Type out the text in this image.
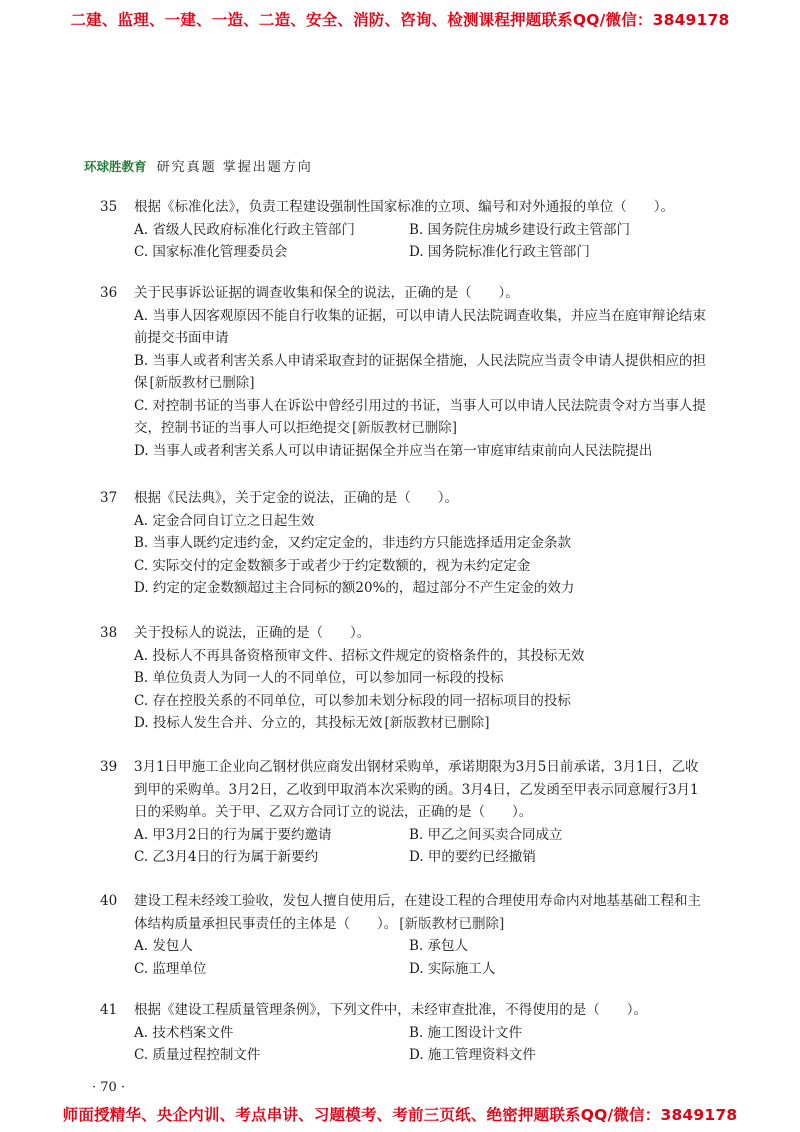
二建、监理、一建、一造、二造、安全、消防、咨询、检测课程押题联系QQ/微信：3849178
环球胜教育 研究真题 掌握出题方向
35	根据《标准化法》，负责工程建设强制性国家标准的立项、编号和对外通报的单位（　　）。
A. 省级人民政府标准化行政主管部门	B. 国务院住房城乡建设行政主管部门
C. 国家标准化管理委员会	D. 国务院标准化行政主管部门
36	关于民事诉讼证据的调查收集和保全的说法，正确的是（　　）。
A. 当事人因客观原因不能自行收集的证据，可以申请人民法院调查收集，并应当在庭审辩论结束前提交书面申请
B. 当事人或者利害关系人申请采取查封的证据保全措施，人民法院应当责令申请人提供相应的担保 [新版教材已删除]
C. 对控制书证的当事人在诉讼中曾经引用过的书证，当事人可以申请人民法院责令对方当事人提交，控制书证的当事人可以拒绝提交 [新版教材已删除]
D. 当事人或者利害关系人可以申请证据保全并应当在第一审庭审结束前向人民法院提出
37	根据《民法典》，关于定金的说法，正确的是（　　）。
A. 定金合同自订立之日起生效
B. 当事人既约定违约金，又约定定金的，非违约方只能选择适用定金条款
C. 实际交付的定金数额多于或者少于约定数额的，视为未约定定金
D. 约定的定金数额超过主合同标的额20%的，超过部分不产生定金的效力
38	关于投标人的说法，正确的是（　　）。
A. 投标人不再具备资格预审文件、招标文件规定的资格条件的，其投标无效
B. 单位负责人为同一人的不同单位，可以参加同一标段的投标
C. 存在控股关系的不同单位，可以参加未划分标段的同一招标项目的投标
D. 投标人发生合并、分立的，其投标无效 [新版教材已删除]
39	3月1日甲施工企业向乙钢材供应商发出钢材采购单，承诺期限为3月5日前承诺，3月1日，乙收到甲的采购单。3月2日，乙收到甲取消本次采购的函。3月4日，乙发函至甲表示同意履行3月1日的采购单。关于甲、乙双方合同订立的说法，正确的是（　　）。
A. 甲3月2日的行为属于要约邀请	B. 甲乙之间买卖合同成立
C. 乙3月4日的行为属于新要约	D. 甲的要约已经撤销
40	建设工程未经竣工验收，发包人擅自使用后，在建设工程的合理使用寿命内对地基基础工程和主体结构质量承担民事责任的主体是（　　）。 [新版教材已删除]
A. 发包人	B. 承包人
C. 监理单位	D. 实际施工人
41	根据《建设工程质量管理条例》，下列文件中，未经审查批准，不得使用的是（　　）。
A. 技术档案文件	B. 施工图设计文件
C. 质量过程控制文件	D. 施工管理资料文件
· 70 ·
师面授精华、央企内训、考点串讲、习题模考、考前三页纸、绝密押题联系QQ/微信：3849178
